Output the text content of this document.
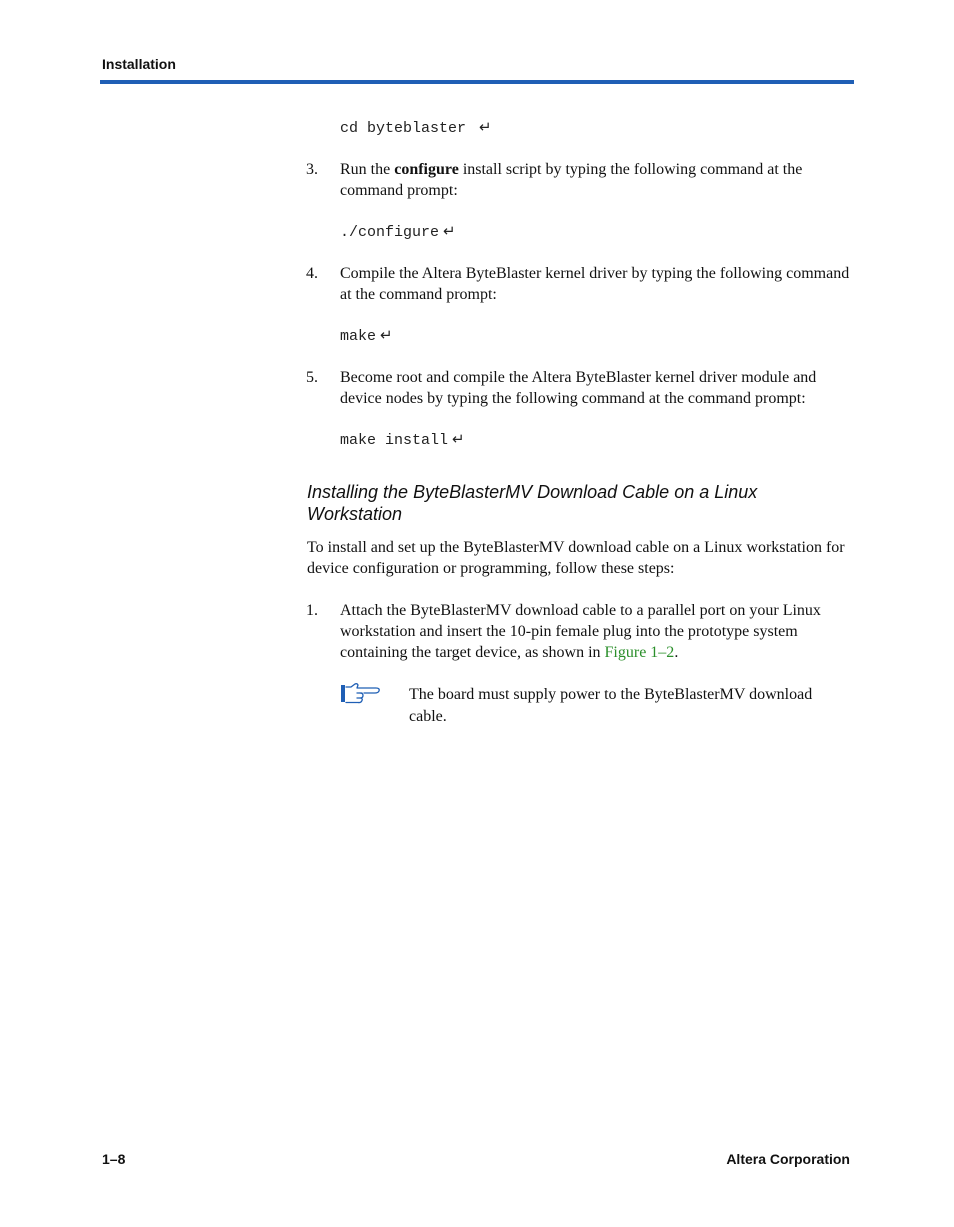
Installation
cd byteblaster ↵
3. Run the configure install script by typing the following command at the command prompt:
./configure ↵
4. Compile the Altera ByteBlaster kernel driver by typing the following command at the command prompt:
make ↵
5. Become root and compile the Altera ByteBlaster kernel driver module and device nodes by typing the following command at the command prompt:
make install ↵
Installing the ByteBlasterMV Download Cable on a Linux Workstation
To install and set up the ByteBlasterMV download cable on a Linux workstation for device configuration or programming, follow these steps:
1. Attach the ByteBlasterMV download cable to a parallel port on your Linux workstation and insert the 10-pin female plug into the prototype system containing the target device, as shown in Figure 1–2.
The board must supply power to the ByteBlasterMV download cable.
1–8	Altera Corporation
